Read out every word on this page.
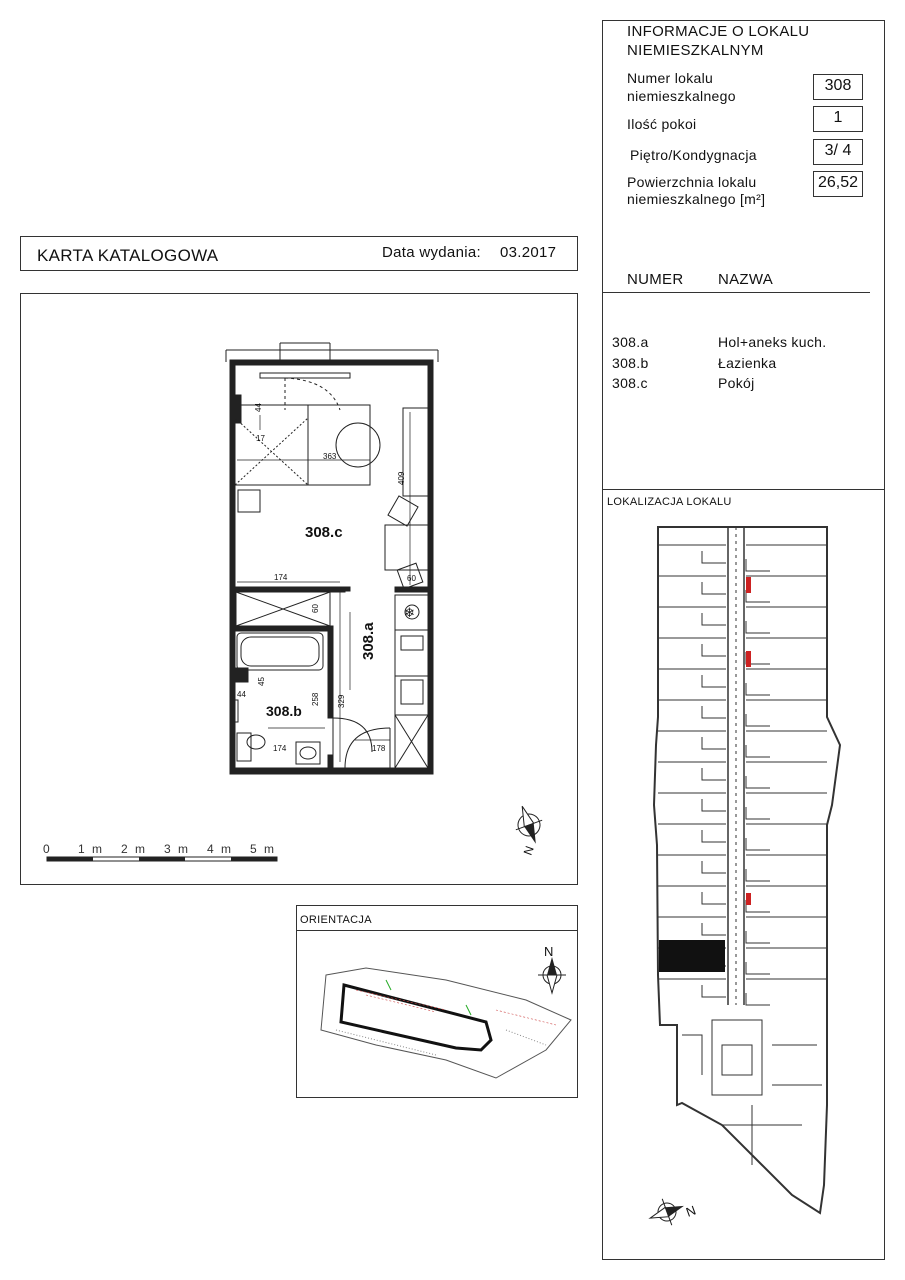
INFORMACJE O LOKALU
NIEMIESZKALNYM
Numer lokalu
niemieszkalnego
308
Ilość pokoi	1
Piętro/Kondygnacja	3/ 4
Powierzchnia lokalu
niemieszkalnego [m²]
26,52
NUMER NAZWA
308.a	Hol+aneks kuch.
308.b	Łazienka
308.c	Pokój
LOKALIZACJA LOKALU
KARTA KATALOGOWA	Data wydania: 03.2017
308.c
308.a
308.b
363
44
17
409
174
60
60
45
44	258 329
174	178
❄
N
0 1 m 2 m 3 m 4 m 5 m
ORIENTACJA
N
N
